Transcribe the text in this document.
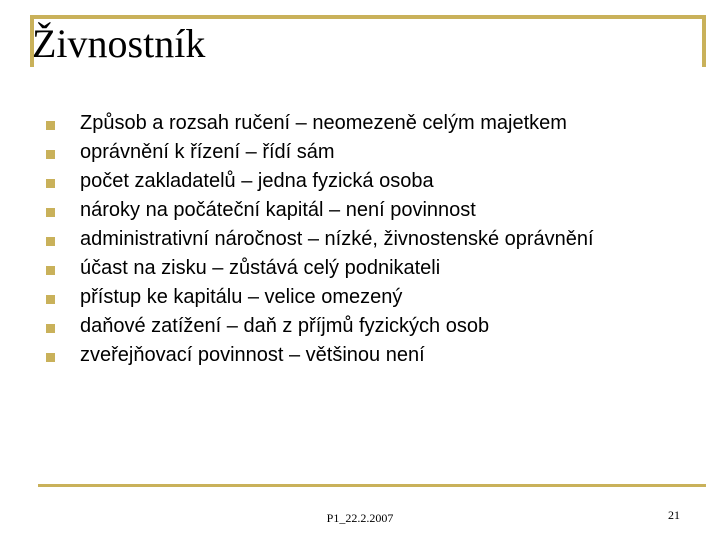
Živnostník
Způsob a rozsah ručení – neomezeně celým majetkem
oprávnění k řízení – řídí sám
počet zakladatelů – jedna fyzická osoba
nároky na počáteční kapitál – není povinnost
administrativní náročnost – nízké, živnostenské oprávnění
účast na zisku – zůstává celý podnikateli
přístup ke kapitálu – velice omezený
daňové zatížení – daň z příjmů fyzických osob
zveřejňovací povinnost – většinou není
P1_22.2.2007	21
